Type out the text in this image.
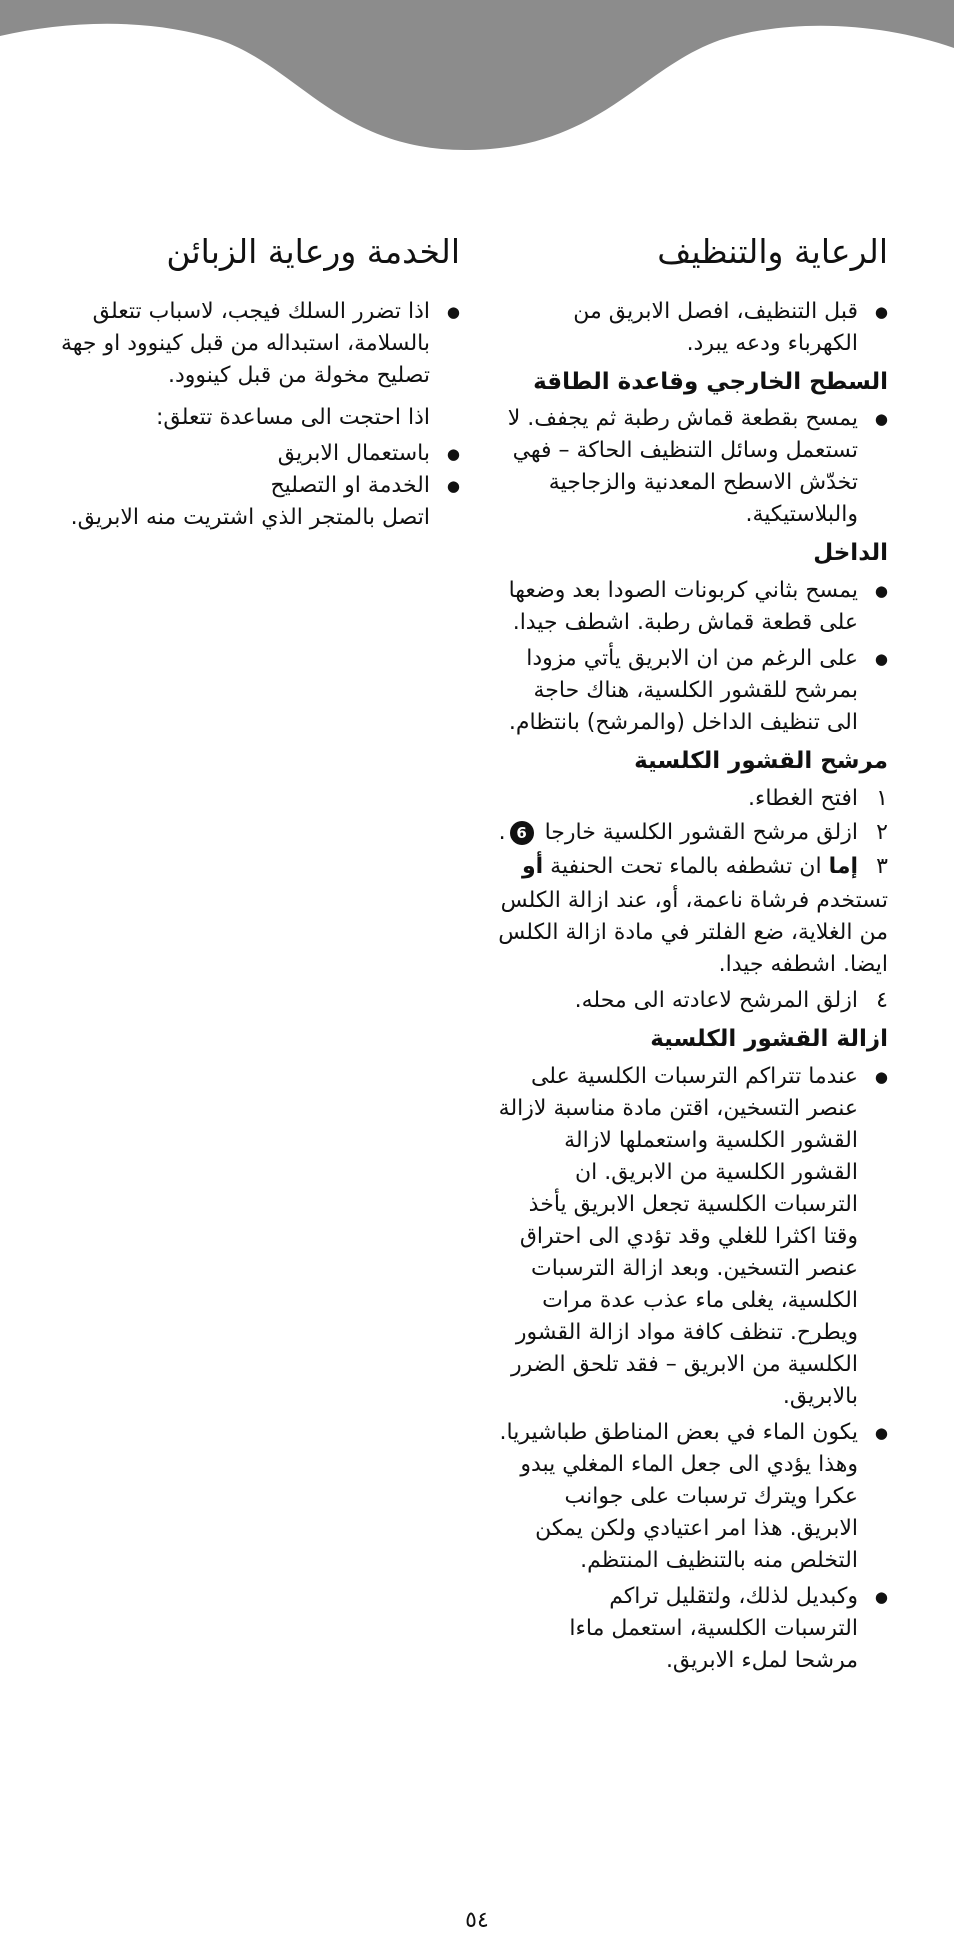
الرعاية والتنظيف
● قبل التنظيف، افصل الابريق من الكهرباء ودعه يبرد.
السطح الخارجي وقاعدة الطاقة
● يمسح بقطعة قماش رطبة ثم يجفف. لا تستعمل وسائل التنظيف الحاكة – فهي تخدّش الاسطح المعدنية والزجاجية والبلاستيكية.
الداخل
● يمسح بثاني كربونات الصودا بعد وضعها على قطعة قماش رطبة. اشطف جيدا.
● على الرغم من ان الابريق يأتي مزودا بمرشح للقشور الكلسية، هناك حاجة الى تنظيف الداخل (والمرشح) بانتظام.
مرشح القشور الكلسية
١
افتح الغطاء.
٢
ازلق مرشح القشور الكلسية خارجا 6.
٣
إما ان تشطفه بالماء تحت الحنفية أو
تستخدم فرشاة ناعمة، أو، عند ازالة الكلس من الغلاية، ضع الفلتر في مادة ازالة الكلس ايضا. اشطفه جيدا.
٤
ازلق المرشح لاعادته الى محله.
ازالة القشور الكلسية
● عندما تتراكم الترسبات الكلسية على عنصر التسخين، اقتن مادة مناسبة لازالة القشور الكلسية واستعملها لازالة القشور الكلسية من الابريق. ان الترسبات الكلسية تجعل الابريق يأخذ وقتا اكثرا للغلي وقد تؤدي الى احتراق عنصر التسخين. وبعد ازالة الترسبات الكلسية، يغلى ماء عذب عدة مرات ويطرح. تنظف كافة مواد ازالة القشور الكلسية من الابريق – فقد تلحق الضرر بالابريق.
● يكون الماء في بعض المناطق طباشيريا. وهذا يؤدي الى جعل الماء المغلي يبدو عكرا ويترك ترسبات على جوانب الابريق. هذا امر اعتيادي ولكن يمكن التخلص منه بالتنظيف المنتظم.
● وكبديل لذلك، ولتقليل تراكم الترسبات الكلسية، استعمل ماءا مرشحا لملء الابريق.
الخدمة ورعاية الزبائن
● اذا تضرر السلك فيجب، لاسباب تتعلق بالسلامة، استبداله من قبل كينوود او جهة تصليح مخولة من قبل كينوود.
اذا احتجت الى مساعدة تتعلق:
● باستعمال الابريق
● الخدمة او التصليح
اتصل بالمتجر الذي اشتريت منه الابريق.
٥٤
